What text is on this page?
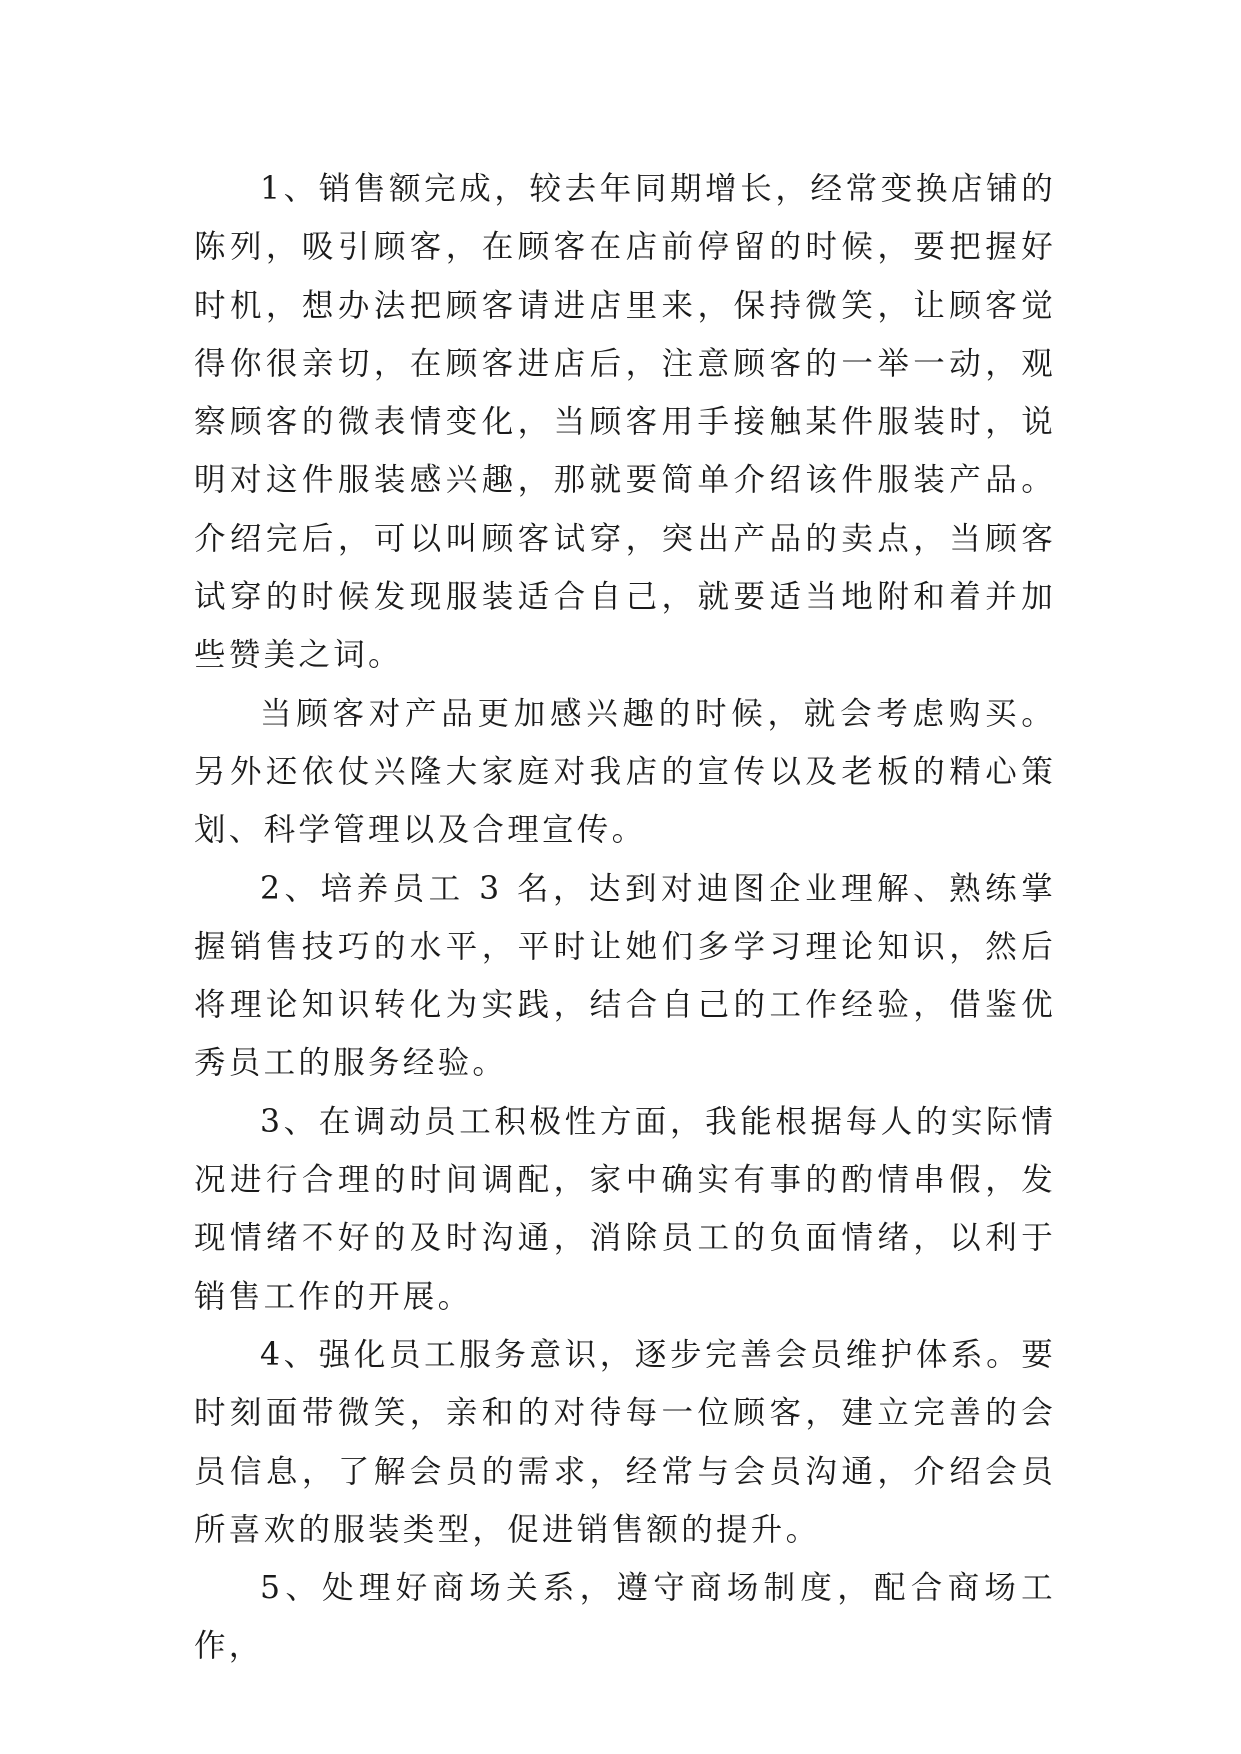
1、销售额完成，较去年同期增长，经常变换店铺的陈列，吸引顾客，在顾客在店前停留的时候，要把握好时机，想办法把顾客请进店里来，保持微笑，让顾客觉得你很亲切，在顾客进店后，注意顾客的一举一动，观察顾客的微表情变化，当顾客用手接触某件服装时，说明对这件服装感兴趣，那就要简单介绍该件服装产品。介绍完后，可以叫顾客试穿，突出产品的卖点，当顾客试穿的时候发现服装适合自己，就要适当地附和着并加些赞美之词。

当顾客对产品更加感兴趣的时候，就会考虑购买。另外还依仗兴隆大家庭对我店的宣传以及老板的精心策划、科学管理以及合理宣传。

2、培养员工 3 名，达到对迪图企业理解、熟练掌握销售技巧的水平，平时让她们多学习理论知识，然后将理论知识转化为实践，结合自己的工作经验，借鉴优秀员工的服务经验。

3、在调动员工积极性方面，我能根据每人的实际情况进行合理的时间调配，家中确实有事的酌情串假，发现情绪不好的及时沟通，消除员工的负面情绪，以利于销售工作的开展。

4、强化员工服务意识，逐步完善会员维护体系。要时刻面带微笑，亲和的对待每一位顾客，建立完善的会员信息，了解会员的需求，经常与会员沟通，介绍会员所喜欢的服装类型，促进销售额的提升。

5、处理好商场关系，遵守商场制度，配合商场工作，
